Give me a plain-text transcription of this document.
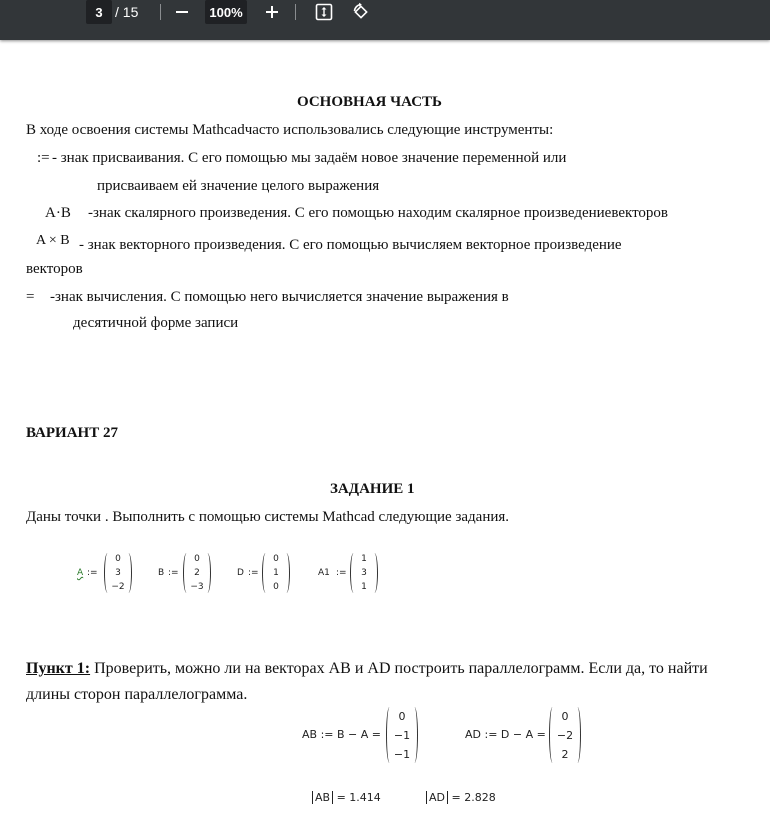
3 / 15	100%
ОСНОВНАЯ ЧАСТЬ
В ходе освоения системы Mathcadчасто использовались следующие инструменты:
:= - знак присваивания. С его помощью мы задаём новое значение переменной или
присваиваем ей значение целого выражения
A·B -знак скалярного произведения. С его помощью находим скалярное произведениевекторов
A × B - знак векторного произведения. С его помощью вычисляем векторное произведение
векторов
= -знак вычисления. С помощью него вычисляется значение выражения в
десятичной форме записи
ВАРИАНТ 27
ЗАДАНИЕ 1
Даны точки . Выполнить с помощью системы Mathcad следующие задания.
A :=
0
3
−2
B :=
0
2
−3
D :=
0
1
0
A1 :=
1
3
1
Пункт 1: Проверить, можно ли на векторах AB и AD построить параллелограмм. Если да, то найти
длины сторон параллелограмма.
AB := B − A =
0
−1
−1
AD := D − A =
0
−2
2
AB = 1.414	AD = 2.828
